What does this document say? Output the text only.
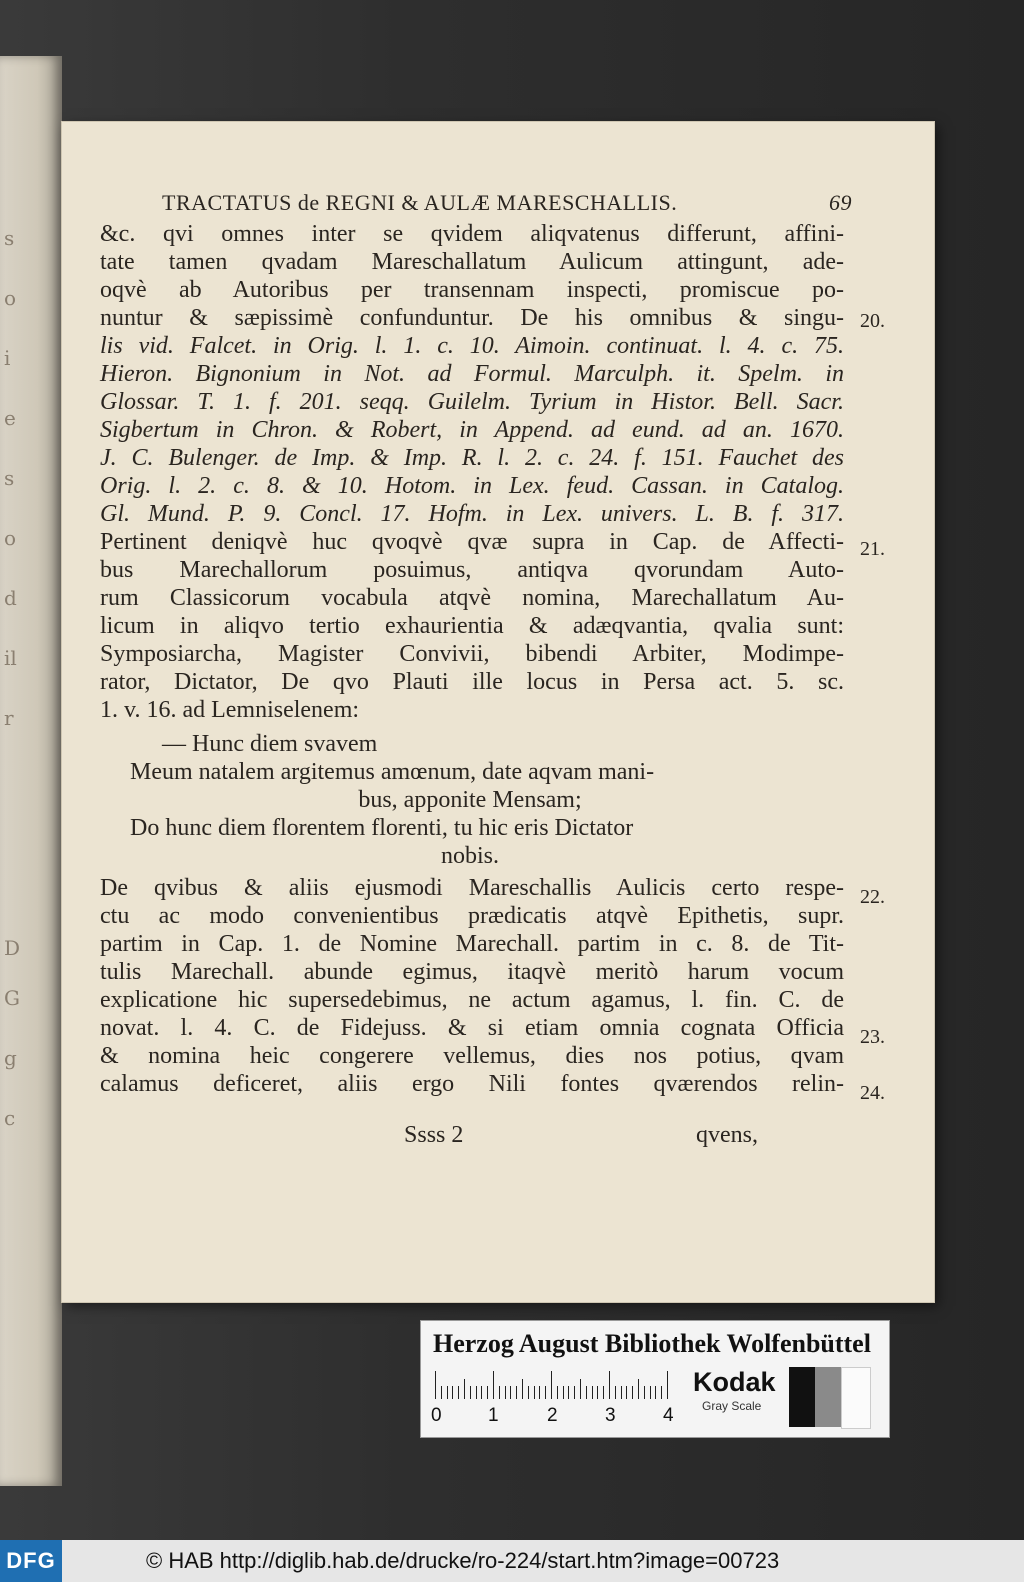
s
o
i
e
s
o
d
il
r
D
G
g
c
TRACTATUS de REGNI & AULÆ MARESCHALLIS.	69
&c. qvi omnes inter se qvidem aliqvatenus differunt, affini-
tate tamen qvadam Mareschallatum Aulicum attingunt, ade-
oqvè ab Autoribus per transennam inspecti, promiscue po-
nuntur & sæpissimè confunduntur. De his omnibus & singu-
lis vid. Falcet. in Orig. l. 1. c. 10. Aimoin. continuat. l. 4. c. 75.
Hieron. Bignonium in Not. ad Formul. Marculph. it. Spelm. in
Glossar. T. 1. f. 201. seqq. Guilelm. Tyrium in Histor. Bell. Sacr.
Sigbertum in Chron. & Robert, in Append. ad eund. ad an. 1670.
J. C. Bulenger. de Imp. & Imp. R. l. 2. c. 24. f. 151. Fauchet des
Orig. l. 2. c. 8. & 10. Hotom. in Lex. feud. Cassan. in Catalog.
Gl. Mund. P. 9. Concl. 17. Hofm. in Lex. univers. L. B. f. 317.
Pertinent deniqvè huc qvoqvè qvæ supra in Cap. de Affecti-
bus Marechallorum posuimus, antiqva qvorundam Auto-
rum Classicorum vocabula atqvè nomina, Marechallatum Au-
licum in aliqvo tertio exhaurientia & adæqvantia, qvalia sunt:
Symposiarcha, Magister Convivii, bibendi Arbiter, Modimpe-
rator, Dictator, De qvo Plauti ille locus in Persa act. 5. sc.
1. v. 16. ad Lemniselenem:
— Hunc diem svavem
Meum natalem argitemus amœnum, date aqvam mani-
bus, apponite Mensam;
Do hunc diem florentem florenti, tu hic eris Dictator
nobis.
De qvibus & aliis ejusmodi Mareschallis Aulicis certo respe-
ctu ac modo convenientibus prædicatis atqvè Epithetis, supr.
partim in Cap. 1. de Nomine Marechall. partim in c. 8. de Tit-
tulis Marechall. abunde egimus, itaqvè meritò harum vocum
explicatione hic supersedebimus, ne actum agamus, l. fin. C. de
novat. l. 4. C. de Fidejuss. & si etiam omnia cognata Officia
& nomina heic congerere vellemus, dies nos potius, qvam
calamus deficeret, aliis ergo Nili fontes qværendos relin-
20.
21.
22.
23.
24.
Ssss 2	qvens,
Herzog August Bibliothek Wolfenbüttel
0 1	2 3 4
Kodak
Gray Scale
DFG	© HAB http://diglib.hab.de/drucke/ro-224/start.htm?image=00723
